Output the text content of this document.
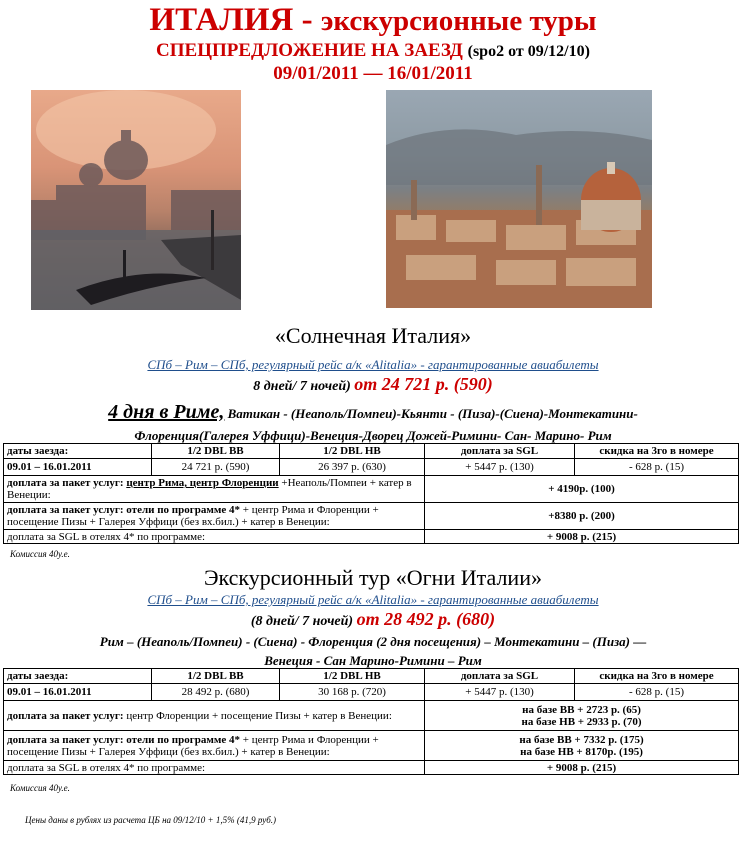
ИТАЛИЯ - экскурсионные туры
СПЕЦПРЕДЛОЖЕНИЕ НА ЗАЕЗД (spo2 от 09/12/10)
09/01/2011 — 16/01/2011
«Солнечная Италия»
СПб – Рим – СПб, регулярный рейс а/к «Alitalia» - гарантированные авиабилеты
8 дней/ 7 ночей) от 24 721 р. (590)
4 дня в Риме, Ватикан - (Неаполь/Помпеи)-Кьянти - (Пиза)-(Сиена)-Монтекатини-
Флоренция(Галерея Уффици)-Венеция-Дворец Дожей-Римини- Сан- Марино- Рим
даты заезда:	1/2 DBL BB	1/2 DBL HB	доплата за SGL	скидка на 3го в номере
09.01 – 16.01.2011	24 721 р. (590)	26 397 р. (630)	+ 5447 р. (130)	- 628 р. (15)
доплата за пакет услуг: центр Рима, центр Флоренции +Неаполь/Помпеи + катер в Венеции:			+ 4190р. (100)	
доплата за пакет услуг: отели по программе 4* + центр Рима и Флоренции + посещение Пизы + Галерея Уффици (без вх.бил.) + катер в Венеции:			+8380 р. (200)	
доплата за SGL в отелях 4* по программе:			+ 9008 р. (215)	
Комиссия 40у.е.
Экскурсионный тур «Огни Италии»
СПб – Рим – СПб, регулярный рейс а/к «Alitalia» - гарантированные авиабилеты
(8 дней/ 7 ночей) от 28 492 р. (680)
Рим – (Неаполь/Помпеи) - (Сиена) - Флоренция (2 дня посещения) – Монтекатини – (Пиза) —
Венеция - Сан Марино-Римини – Рим
даты заезда:	1/2 DBL BB	1/2 DBL HB	доплата за SGL	скидка на 3го в номере
09.01 – 16.01.2011	28 492 р. (680)	30 168 р. (720)	+ 5447 р. (130)	- 628 р. (15)
доплата за пакет услуг: центр Флоренции + посещение Пизы + катер в Венеции:			на базе ВВ + 2723 р. (65)
на базе НВ + 2933 р. (70)	

доплата за пакет услуг: отели по программе 4* + центр Рима и Флоренции + посещение Пизы + Галерея Уффици (без вх.бил.) + катер в Венеции:			на базе ВВ + 7332 р. (175)
на базе НВ + 8170р. (195)	

доплата за SGL в отелях 4* по программе:			+ 9008 р. (215)	
Комиссия 40у.е.
Цены даны в рублях из расчета ЦБ на 09/12/10 + 1,5% (41,9 руб.)
